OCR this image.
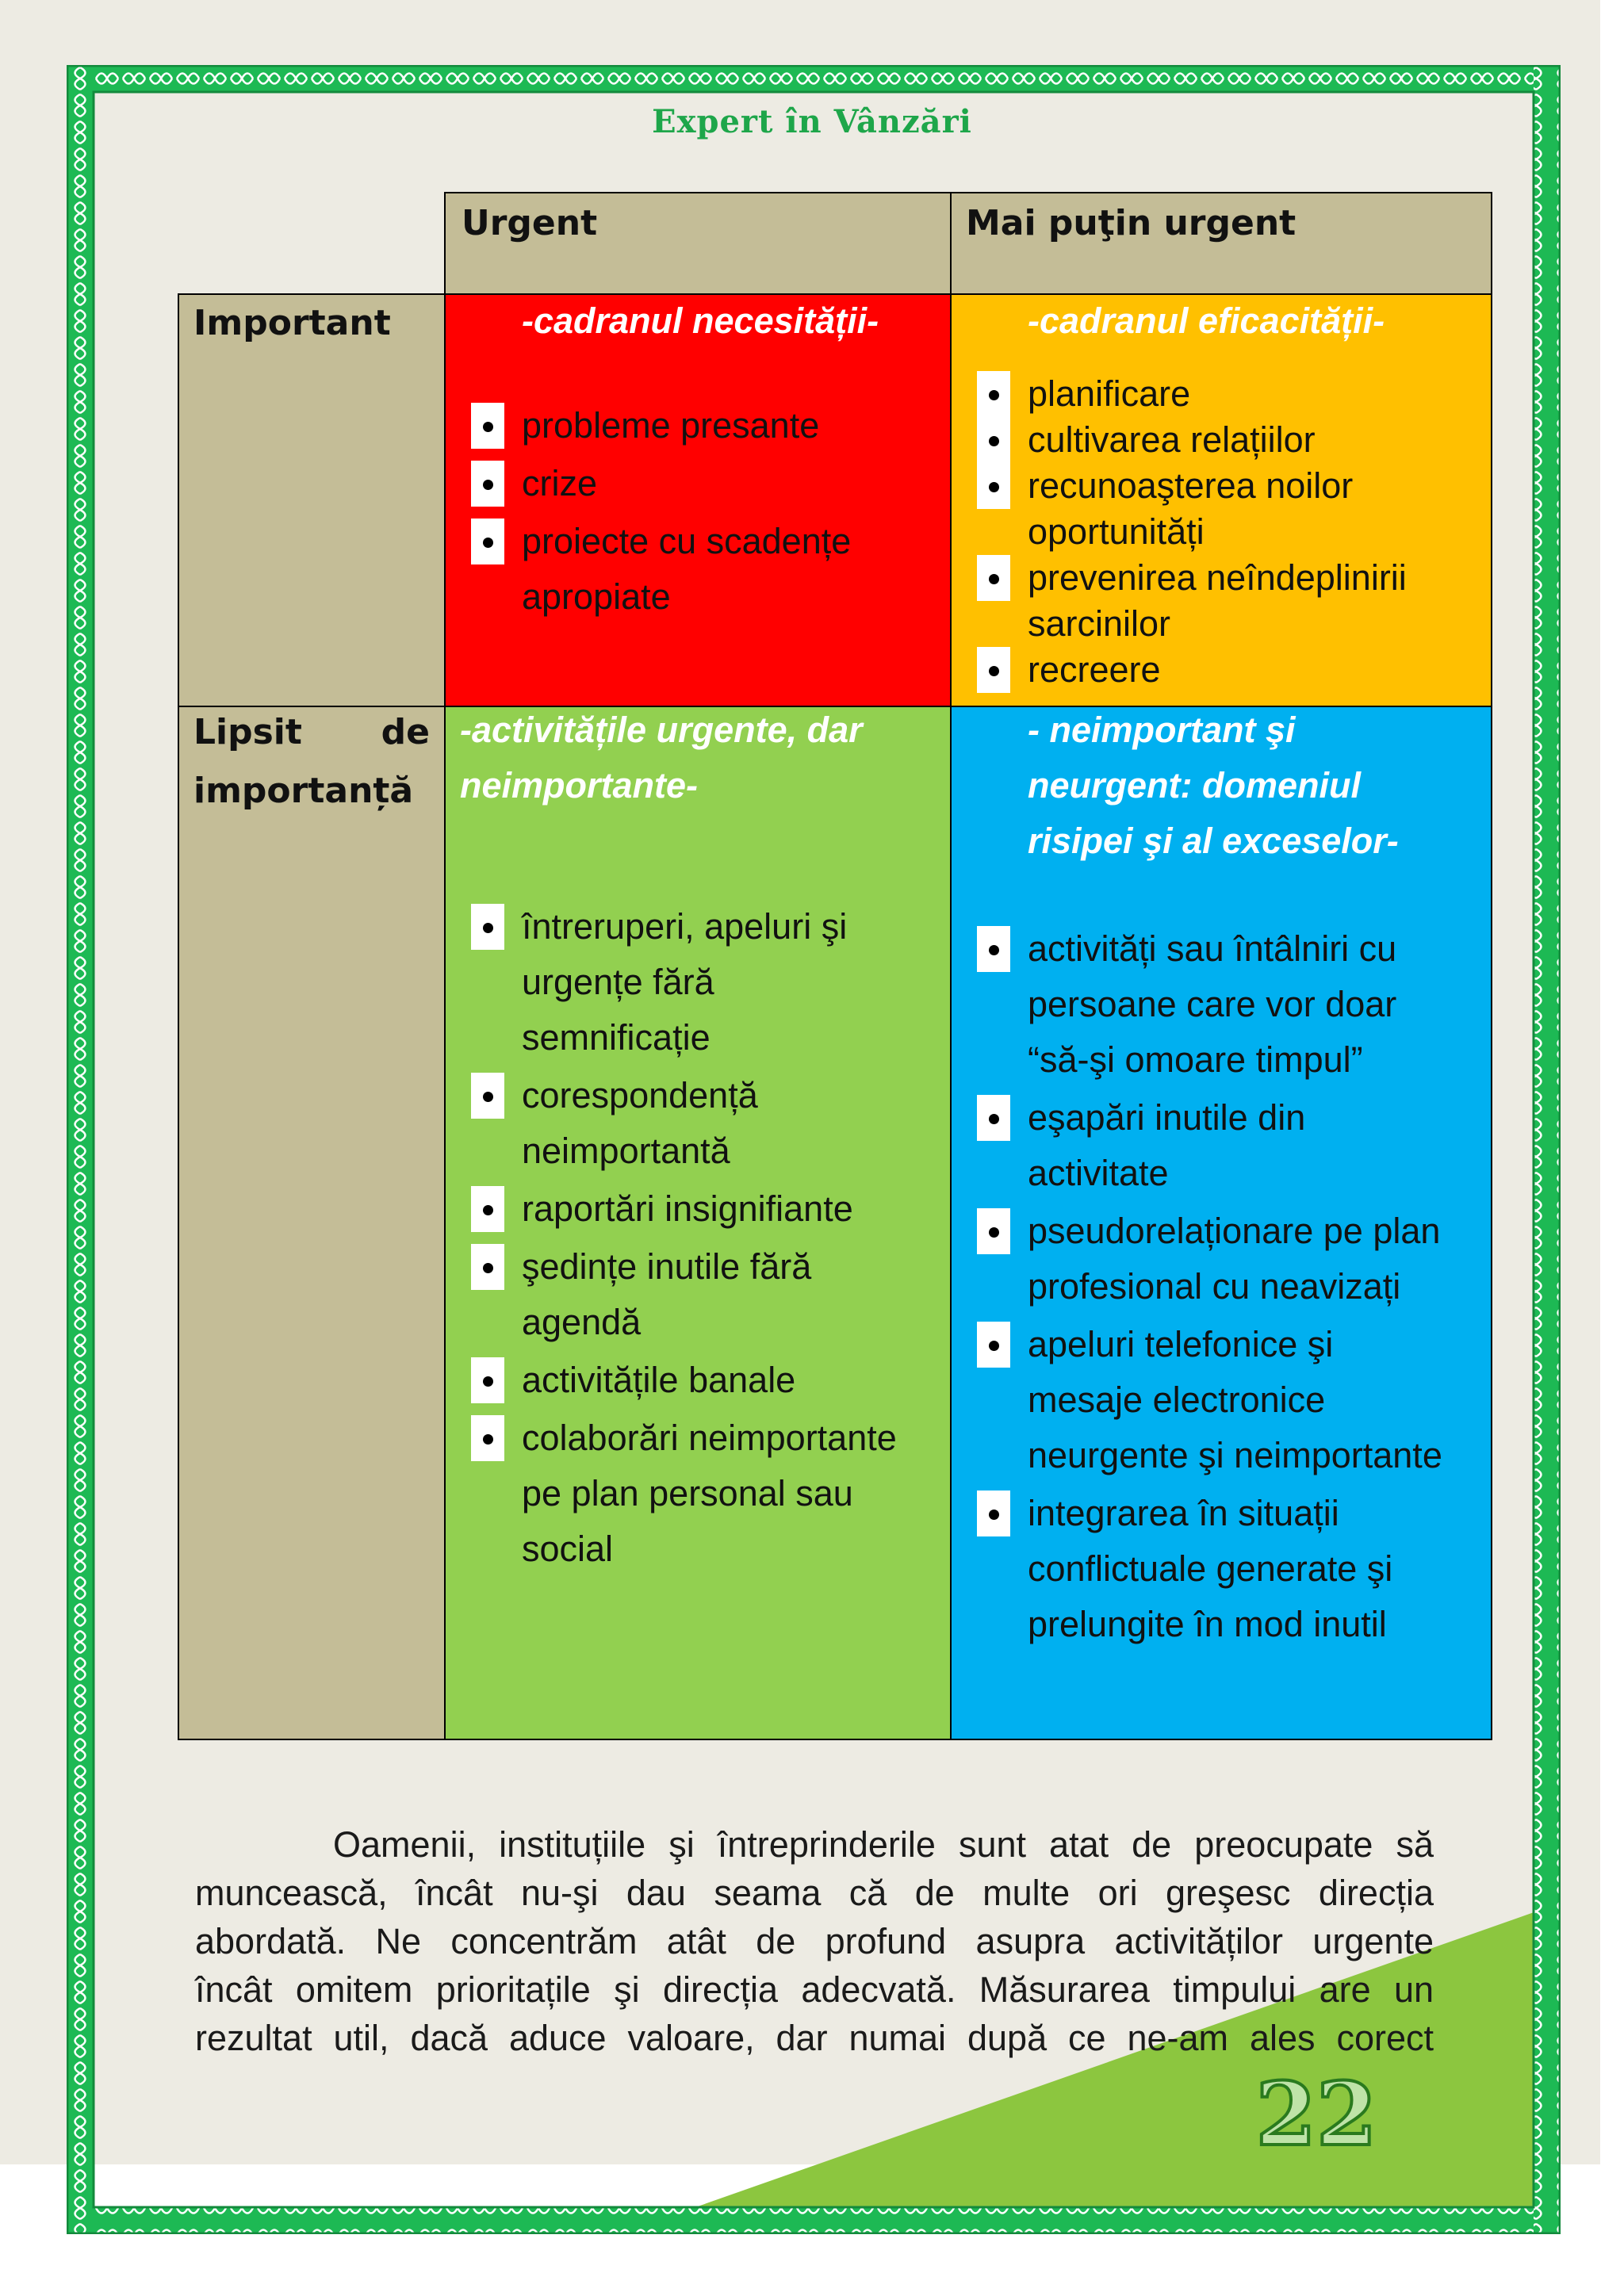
Expert în Vânzări
Urgent	Mai puţin urgent
Important	-cadranul necesității-
probleme presante
crize
proiecte cu scadențe
apropiate
-cadranul eficacității-
planificare
cultivarea relațiilor
recunoaşterea noilor
oportunități
prevenirea neîndeplinirii
sarcinilor
recreere
Lipsit de
importanță
-activitățile urgente, dar
neimportante-
întreruperi, apeluri şi
urgențe fără
semnificație
corespondență
neimportantă
raportări insignifiante
şedințe inutile fără
agendă
activitățile banale
colaborări neimportante
pe plan personal sau
social
- neimportant şi
neurgent: domeniul
risipei şi al exceselor-
activități sau întâlniri cu
persoane care vor doar
“să-şi omoare timpul”
eşapări inutile din
activitate
pseudorelaționare pe plan
profesional cu neavizați
apeluri telefonice şi
mesaje electronice
neurgente şi neimportante
integrarea în situații
conflictuale generate şi
prelungite în mod inutil
Oamenii, instituțiile şi întreprinderile sunt atat de preocupate să
muncească, încât nu-şi dau seama că de multe ori greşesc direcția
abordată. Ne concentrăm atât de profund asupra activităților urgente
încât omitem prioritațile şi direcția adecvată. Măsurarea timpului are un
rezultat util, dacă aduce valoare, dar numai după ce ne-am ales corect
22
